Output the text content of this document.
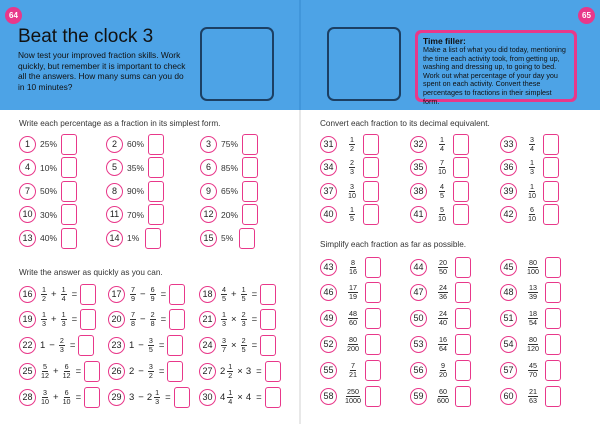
64	65
Beat the clock 3
Now test your improved fraction skills. Work quickly, but remember it is important to check all the answers. How many sums can you do in 10 minutes?
Time filler:
Make a list of what you did today, mentioning the time each activity took, from getting up, washing and dressing up, to going to bed. Work out what percentage of your day you spent on each activity. Convert these percentages to fractions in their simplest form.
Write each percentage as a fraction in its simplest form.
Write the answer as quickly as you can.
Convert each fraction to its decimal equivalent.
Simplify each fraction as far as possible.
1	25%	2	60%	3	75%
4	10%	5	35%	6	85%
7	50%	8	90%	9	65%
10 30%	11 70%	12 20%
13 40%	14 1%	15 5%
16	$\frac{1}{2} + \frac{1}{4}$ =	17	$\frac{7}{9} - \frac{6}{9}$ =	18	$\frac{4}{5} + \frac{1}{5}$ =
19	$\frac{1}{3} + \frac{1}{3}$ =	20	$\frac{7}{8} - \frac{2}{8}$ =	21	$\frac{1}{3} \times \frac{2}{3}$ =
22 $1 - \frac{2}{3}$ =	23 $1 - \frac{3}{5}$ =	24	$\frac{3}{7} \times \frac{2}{5}$ =
25	$\frac{5}{12} + \frac{6}{12}$ =	26 $2 - \frac{3}{2}$ =	27 $2 \frac{1}{2} \times 3$ =
28	$\frac{3}{10} + \frac{6}{10}$ =	29 $3 - 2 \frac{1}{3}$ =	30 $4 \frac{1}{4} \times 4$ =
31	$\frac{1}{2}$	32	$\frac{1}{4}$	33	$\frac{3}{4}$
34	$\frac{2}{3}$	35	$\frac{7}{10}$	36	$\frac{1}{3}$
37	$\frac{3}{10}$	38	$\frac{4}{5}$	39	$\frac{1}{10}$
40	$\frac{1}{5}$	41	$\frac{5}{10}$	42	$\frac{6}{10}$
43	$\frac{8}{16}$	44	$\frac{20}{50}$	45	$\frac{80}{100}$
46	$\frac{17}{19}$	47	$\frac{24}{36}$	48	$\frac{13}{39}$
49	$\frac{48}{60}$	50	$\frac{24}{40}$	51	$\frac{18}{54}$
52	$\frac{80}{200}$	53	$\frac{16}{64}$	54	$\frac{80}{120}$
55	$\frac{7}{21}$	56	$\frac{9}{20}$	57	$\frac{45}{70}$
58	$\frac{250}{1000}$	59	$\frac{60}{600}$	60	$\frac{21}{63}$
